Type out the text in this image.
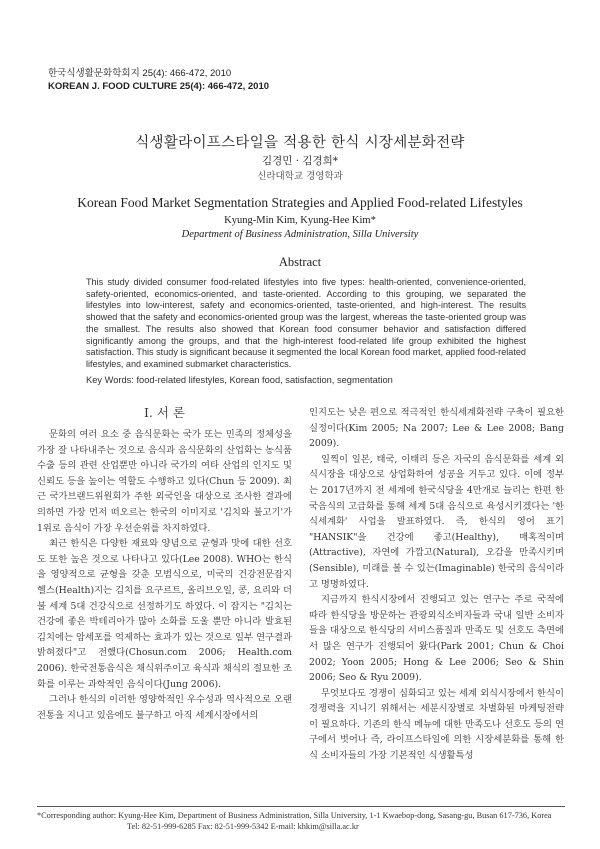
한국식생활문화학회지 25(4): 466-472, 2010
KOREAN J. FOOD CULTURE 25(4): 466-472, 2010
식생활라이프스타일을 적용한 한식 시장세분화전략
김경민 · 김경희*
신라대학교 경영학과
Korean Food Market Segmentation Strategies and Applied Food-related Lifestyles
Kyung-Min Kim, Kyung-Hee Kim*
Department of Business Administration, Silla University
Abstract
This study divided consumer food-related lifestyles into five types: health-oriented, convenience-oriented, safety-oriented, economics-oriented, and taste-oriented. According to this grouping, we separated the lifestyles into low-interest, safety and economics-oriented, taste-oriented, and high-interest. The results showed that the safety and economics-oriented group was the largest, whereas the taste-oriented group was the smallest. The results also showed that Korean food consumer behavior and satisfaction differed significantly among the groups, and that the high-interest food-related life group exhibited the highest satisfaction. This study is significant because it segmented the local Korean food market, applied food-related lifestyles, and examined submarket characteristics.
Key Words: food-related lifestyles, Korean food, satisfaction, segmentation
I. 서 론

문화의 여러 요소 중 음식문화는 국가 또는 민족의 정체성을 가장 잘 나타내주는 것으로 음식과 음식문화의 산업화는 농식품수출 등의 관련 산업뿐만 아니라 국가의 여타 산업의 인지도 및 신뢰도 등을 높이는 역할도 수행하고 있다(Chun 등 2009). 최근 국가브랜드위원회가 주한 외국인을 대상으로 조사한 결과에 의하면 가장 먼저 떠오르는 한국의 이미지로 '김치와 불고기'가 1위로 음식이 가장 우선순위를 차지하였다.

최근 한식은 다양한 재료와 양념으로 균형과 맛에 대한 선호도 또한 높은 것으로 나타나고 있다(Lee 2008). WHO는 한식을 영양적으로 균형을 갖춘 모범식으로, 미국의 건강전문잡지 헬스(Health)지는 김치를 요구르트, 올리브오일, 콩, 요리와 더불 세계 5대 건강식으로 선정하기도 하였다. 이 잡지는 "김치는 건강에 좋은 박테리아가 많아 소화를 도울 뿐만 아니라 발효된 김치에는 암세포를 억제하는 효과가 있는 것으로 일부 연구결과 밝혀졌다"고 전했다(Chosun.com 2006; Health.com 2006). 한국전통음식은 채식위주이고 육식과 채식의 절묘한 조화를 이루는 과학적인 음식이다(Jung 2006).

그러나 한식의 이러한 영양학적인 우수성과 역사적으로 오랜 전통을 지니고 있음에도 불구하고 아직 세계시장에서의

인지도는 낮은 편으로 적극적인 한식세계화전략 구축이 필요한 실정이다(Kim 2005; Na 2007; Lee & Lee 2008; Bang 2009).

일찍이 일본, 태국, 이태리 등은 자국의 음식문화를 세계 외식시장을 대상으로 상업화하여 성공을 거두고 있다. 이에 정부는 2017년까지 전 세계에 한국식당을 4만개로 늘리는 한편 한국음식의 고급화를 통해 세계 5대 음식으로 육성시키겠다는 '한식세계화' 사업을 발표하였다. 즉, 한식의 영어 표기 "HANSIK"을 건강에 좋고(Healthy), 매혹적이며(Attractive), 자연에 가깝고(Natural), 오감을 만족시키며(Sensible), 미래를 볼 수 있는(Imaginable) 한국의 음식이라고 명명하였다.

지금까지 한식시장에서 진행되고 있는 연구는 주로 국적에 따라 한식당을 방문하는 관광외식소비자들과 국내 일반 소비자들을 대상으로 한식당의 서비스품질과 만족도 및 선호도 측면에서 많은 연구가 진행되어 왔다(Park 2001; Chun & Choi 2002; Yoon 2005; Hong & Lee 2006; Seo & Shin 2006; Seo & Ryu 2009).

무엇보다도 경쟁이 심화되고 있는 세계 외식시장에서 한식이 경쟁력을 지니기 위해서는 세분시장별로 차별화된 마케팅전략이 필요하다. 기존의 한식 메뉴에 대한 만족도나 선호도 등의 연구에서 벗어나 즉, 라이프스타일에 의한 시장세분화를 통해 한식 소비자들의 가장 기본적인 식생활특성

*Corresponding author: Kyung-Hee Kim, Department of Business Administration, Silla University, 1-1 Kwaebop-dong, Sasang-gu, Busan 617-736, Korea
Tel: 82-51-999-6285 Fax: 82-51-999-5342 E-mail: khkim@silla.ac.kr
